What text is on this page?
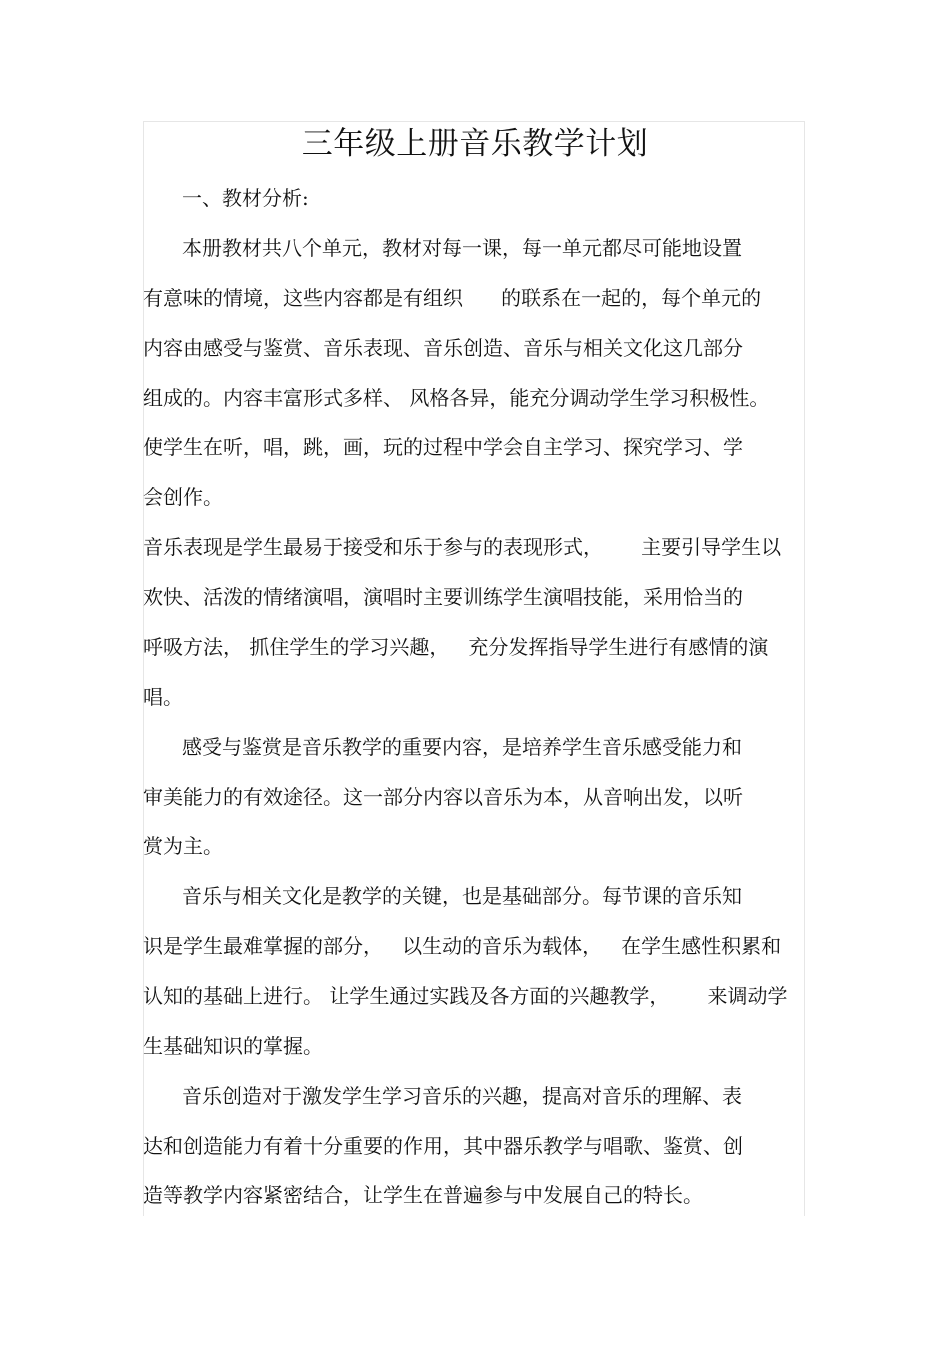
三年级上册音乐教学计划
一、教材分析:
本册教材共八个单元，教材对每一课，每一单元都尽可能地设置
有意味的情境，这些内容都是有组织      的联系在一起的，每个单元的
内容由感受与鉴赏、音乐表现、音乐创造、音乐与相关文化这几部分
组成的。内容丰富形式多样、 风格各异，能充分调动学生学习积极性。
使学生在听，唱，跳，画，玩的过程中学会自主学习、探究学习、学
会创作。
音乐表现是学生最易于接受和乐于参与的表现形式，      主要引导学生以
欢快、活泼的情绪演唱，演唱时主要训练学生演唱技能，采用恰当的
呼吸方法， 抓住学生的学习兴趣，   充分发挥指导学生进行有感情的演
唱。
感受与鉴赏是音乐教学的重要内容，是培养学生音乐感受能力和
审美能力的有效途径。这一部分内容以音乐为本，从音响出发，以听
赏为主。
音乐与相关文化是教学的关键，也是基础部分。每节课的音乐知
识是学生最难掌握的部分，   以生动的音乐为载体，   在学生感性积累和
认知的基础上进行。 让学生通过实践及各方面的兴趣教学，      来调动学
生基础知识的掌握。
音乐创造对于激发学生学习音乐的兴趣，提高对音乐的理解、表
达和创造能力有着十分重要的作用，其中器乐教学与唱歌、鉴赏、创
造等教学内容紧密结合，让学生在普遍参与中发展自己的特长。
